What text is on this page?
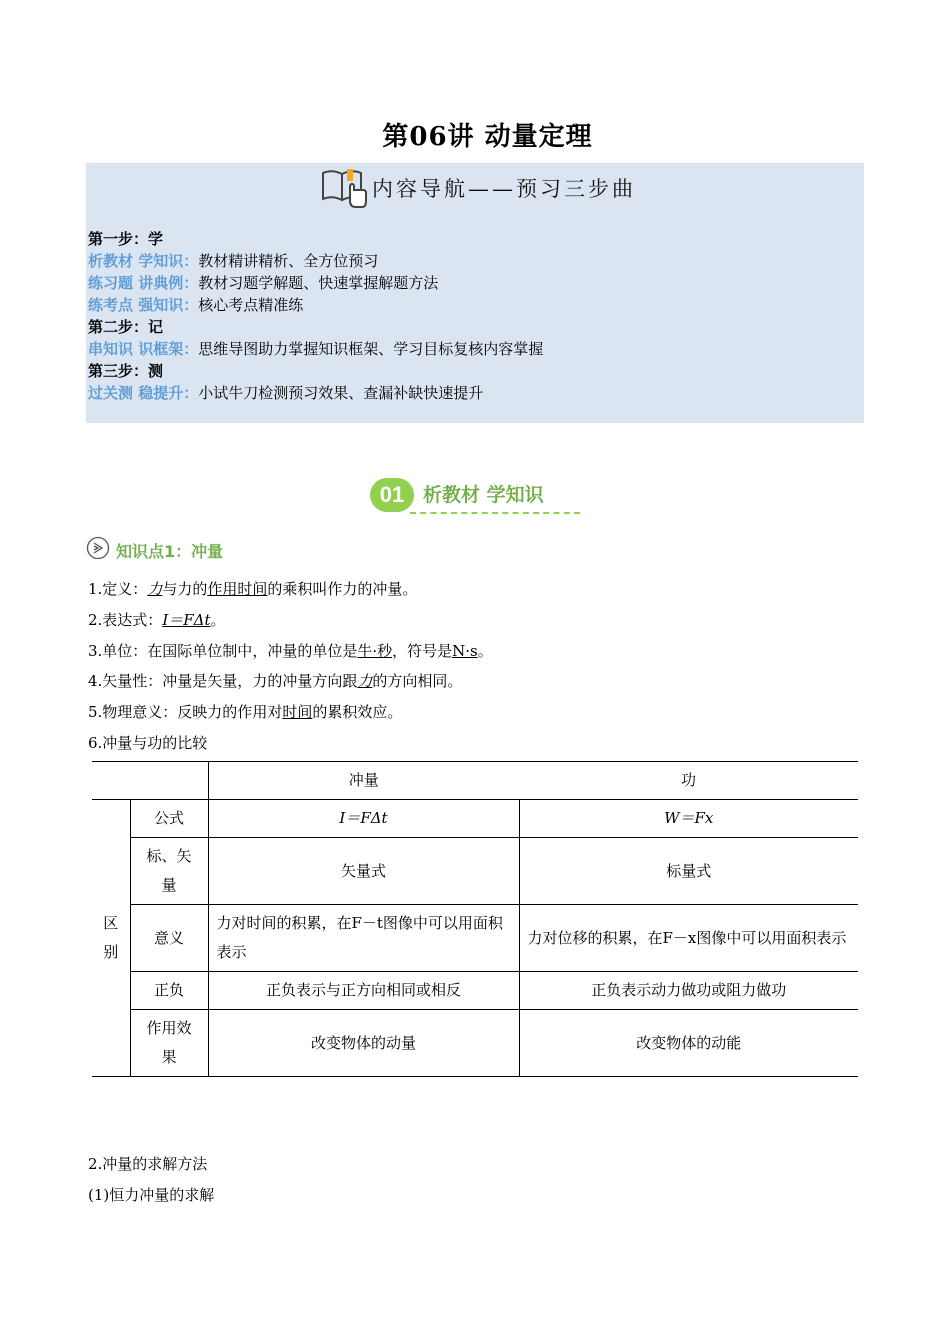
第06讲 动量定理
内容导航——预习三步曲
第一步：学
析教材 学知识：教材精讲精析、全方位预习
练习题 讲典例：教材习题学解题、快速掌握解题方法
练考点 强知识：核心考点精准练
第二步：记
串知识 识框架：思维导图助力掌握知识框架、学习目标复核内容掌握
第三步：测
过关测 稳提升：小试牛刀检测预习效果、查漏补缺快速提升
01 析教材 学知识
知识点1：冲量
1.定义：力与力的作用时间的乘积叫作力的冲量。
2.表达式：I＝FΔt。
3.单位：在国际单位制中，冲量的单位是牛·秒，符号是N·s。
4.矢量性：冲量是矢量，力的冲量方向跟力的方向相同。
5.物理意义：反映力的作用对时间的累积效应。
6.冲量与功的比较
		冲量	功
区
别	公式	I＝FΔt	W＝Fx
	标、矢
量	矢量式	标量式
	意义	力对时间的积累，在F－t图像中可以用面积表示	力对位移的积累，在F－x图像中可以用面积表示
	正负	正负表示与正方向相同或相反	正负表示动力做功或阻力做功
	作用效
果	改变物体的动量	改变物体的动能
2.冲量的求解方法
(1)恒力冲量的求解
